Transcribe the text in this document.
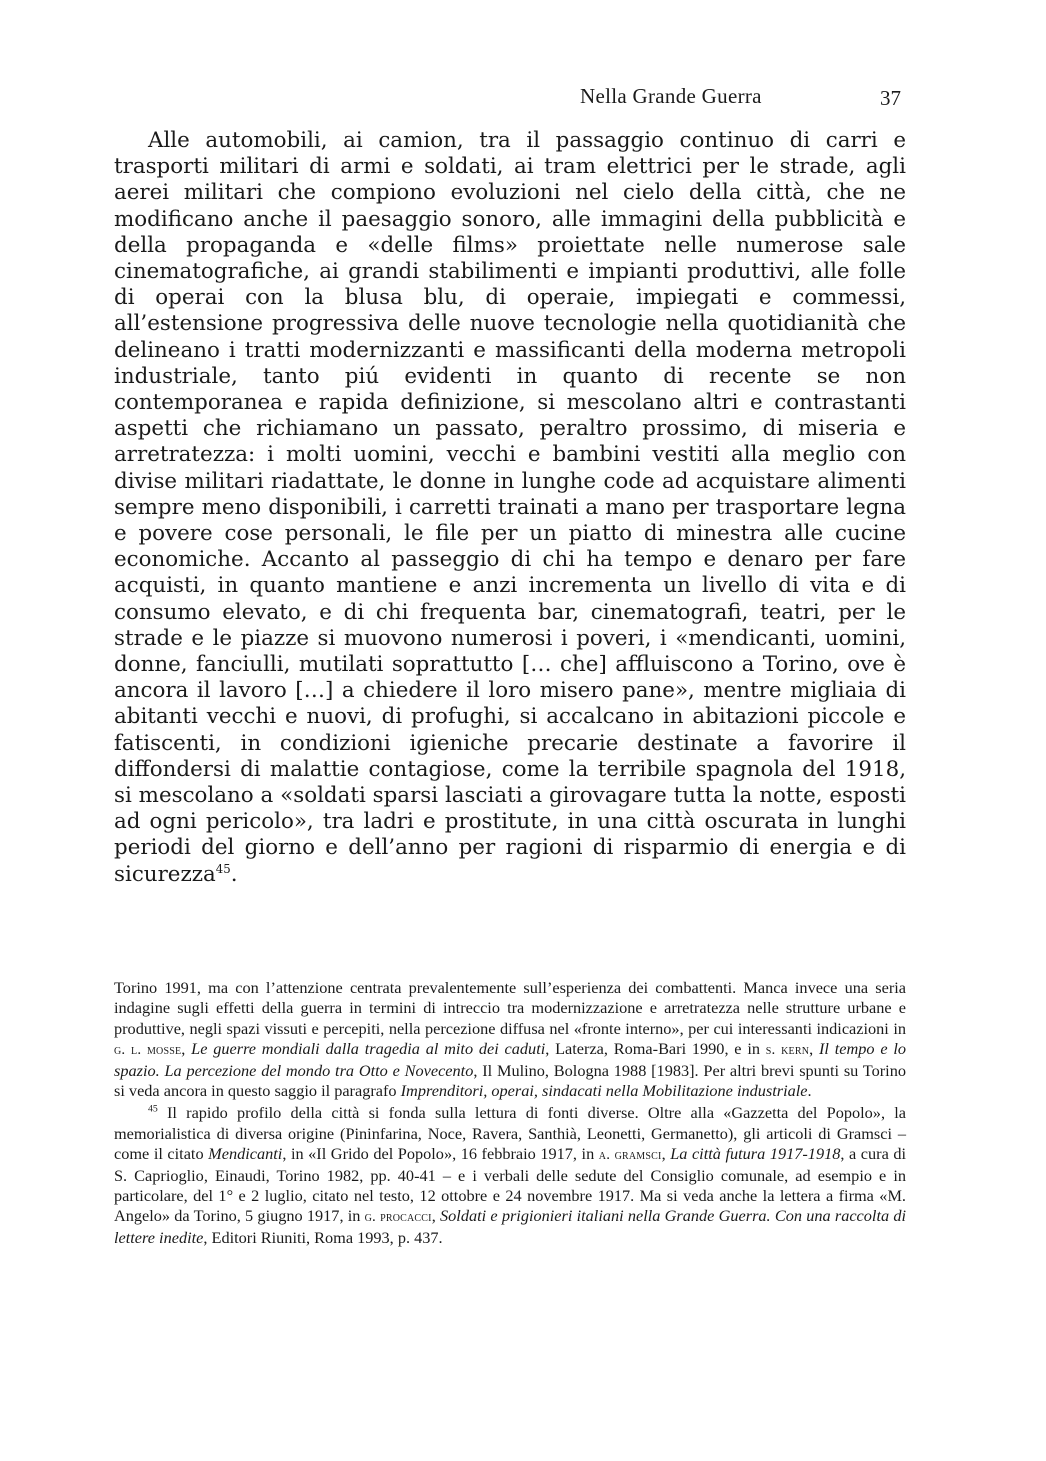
Nella Grande Guerra	37

Alle automobili, ai camion, tra il passaggio continuo di carri e trasporti militari di armi e soldati, ai tram elettrici per le strade, agli aerei militari che compiono evoluzioni nel cielo della città, che ne modificano anche il paesaggio sonoro, alle immagini della pubblicità e della propaganda e «delle films» proiettate nelle numerose sale cinematografiche, ai grandi stabilimenti e impianti produttivi, alle folle di operai con la blusa blu, di operaie, impiegati e commessi, all’estensione progressiva delle nuove tecnologie nella quotidianità che delineano i tratti modernizzanti e massificanti della moderna metropoli industriale, tanto piú evidenti in quanto di recente se non contemporanea e rapida definizione, si mescolano altri e contrastanti aspetti che richiamano un passato, peraltro prossimo, di miseria e arretratezza: i molti uomini, vecchi e bambini vestiti alla meglio con divise militari riadattate, le donne in lunghe code ad acquistare alimenti sempre meno disponibili, i carretti trainati a mano per trasportare legna e povere cose personali, le file per un piatto di minestra alle cucine economiche. Accanto al passeggio di chi ha tempo e denaro per fare acquisti, in quanto mantiene e anzi incrementa un livello di vita e di consumo elevato, e di chi frequenta bar, cinematografi, teatri, per le strade e le piazze si muovono numerosi i poveri, i «mendicanti, uomini, donne, fanciulli, mutilati soprattutto [… che] affluiscono a Torino, ove è ancora il lavoro […] a chiedere il loro misero pane», mentre migliaia di abitanti vecchi e nuovi, di profughi, si accalcano in abitazioni piccole e fatiscenti, in condizioni igieniche precarie destinate a favorire il diffondersi di malattie contagiose, come la terribile spagnola del 1918, si mescolano a «soldati sparsi lasciati a girovagare tutta la notte, esposti ad ogni pericolo», tra ladri e prostitute, in una città oscurata in lunghi periodi del giorno e dell’anno per ragioni di risparmio di energia e di sicurezza$^{45}$.

Torino 1991, ma con l’attenzione centrata prevalentemente sull’esperienza dei combattenti. Manca invece una seria indagine sugli effetti della guerra in termini di intreccio tra modernizzazione e arretratezza nelle strutture urbane e produttive, negli spazi vissuti e percepiti, nella percezione diffusa nel «fronte interno», per cui interessanti indicazioni in g. l. mosse, Le guerre mondiali dalla tragedia al mito dei caduti, Laterza, Roma-Bari 1990, e in s. kern, Il tempo e lo spazio. La percezione del mondo tra Otto e Novecento, Il Mulino, Bologna 1988 [1983]. Per altri brevi spunti su Torino si veda ancora in questo saggio il paragrafo Imprenditori, operai, sindacati nella Mobilitazione industriale.

$^{45}$ Il rapido profilo della città si fonda sulla lettura di fonti diverse. Oltre alla «Gazzetta del Popolo», la memorialistica di diversa origine (Pininfarina, Noce, Ravera, Santhià, Leonetti, Germanetto), gli articoli di Gramsci – come il citato Mendicanti, in «Il Grido del Popolo», 16 febbraio 1917, in a. gramsci, La città futura 1917-1918, a cura di S. Caprioglio, Einaudi, Torino 1982, pp. 40-41 – e i verbali delle sedute del Consiglio comunale, ad esempio e in particolare, del 1° e 2 luglio, citato nel testo, 12 ottobre e 24 novembre 1917. Ma si veda anche la lettera a firma «M. Angelo» da Torino, 5 giugno 1917, in g. procacci, Soldati e prigionieri italiani nella Grande Guerra. Con una raccolta di lettere inedite, Editori Riuniti, Roma 1993, p. 437.
